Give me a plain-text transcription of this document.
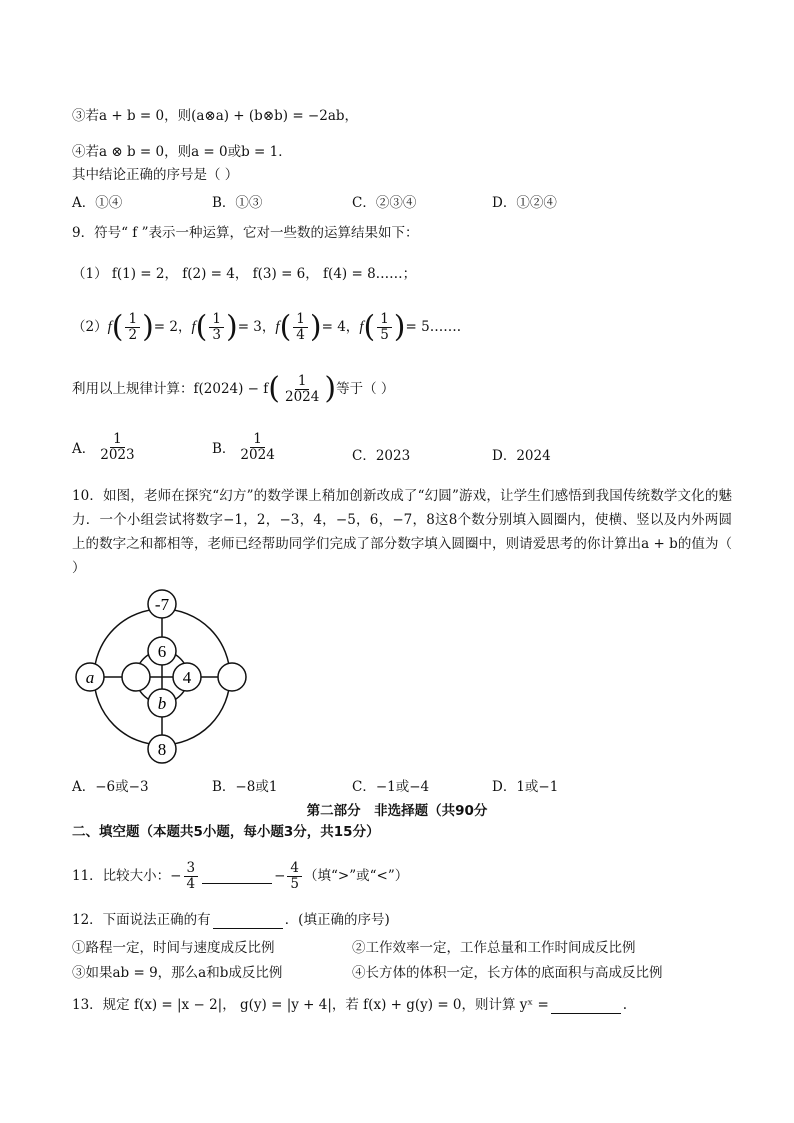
③若a + b = 0，则(a⊗a) + (b⊗b) = −2ab，
④若a ⊗ b = 0，则a = 0或b = 1．
其中结论正确的序号是（ ）
A．①④	B．①③	C．②③④	D．①②④
9．符号“ f ”表示一种运算，它对一些数的运算结果如下：
（1） f(1) = 2， f(2) = 4， f(3) = 6， f(4) = 8……；
（2） $f( \frac{1}{2}$ )= 2， $f( \frac{1}{3}$ )= 3， $f( \frac{1}{4}$ )= 4， $f( \frac{1}{5}$ )= 5…….
利用以上规律计算： f(2024) − f ( $\frac{1}{2024}$ ) 等于（ ）
A． $\frac{1}{2023}$	B． $\frac{1}{2024}$	C．2023	D．2024
10．如图，老师在探究“幻方”的数学课上稍加创新改成了“幻圆”游戏，让学生们感悟到我国传统数学文化的魅力．一个小组尝试将数字−1，2，−3，4，−5，6，−7，8这8个数分别填入圆圈内，使横、竖以及内外两圆上的数字之和都相等，老师已经帮助同学们完成了部分数字填入圆圈中，则请爱思考的你计算出a + b的值为（ ）
-7
6
4
b
a
8
A．−6或−3	B．−8或1	C．−1或−4	D．1或−1
第二部分　非选择题（共90分
二、填空题（本题共5小题，每小题3分，共15分）
11．比较大小：− $\frac{3}{4}$	− $\frac{4}{5}$ （填“>”或“<”）
12．下面说法正确的有	．(填正确的序号)
①路程一定，时间与速度成反比例	②工作效率一定，工作总量和工作时间成反比例
③如果ab = 9，那么a和b成反比例	④长方体的体积一定，长方体的底面积与高成反比例
13．规定 f(x) = |x − 2|， g(y) = |y + 4|，若 f(x) + g(y) = 0，则计算 yˣ =	.
